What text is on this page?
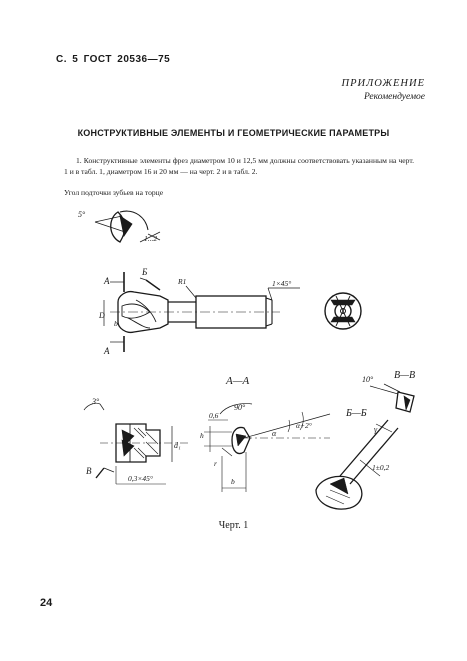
С. 5 ГОСТ 20536—75
ПРИЛОЖЕНИЕ
Рекомендуемое
КОНСТРУКТИВНЫЕ ЭЛЕМЕНТЫ И ГЕОМЕТРИЧЕСКИЕ ПАРАМЕТРЫ

1. Конструктивные элементы фрез диаметром 10 и 12,5 мм должны соответствовать указанным на черт. 1 и в табл. 1, диаметром 16 и 20 мм — на черт. 2 и в табл. 2.

Угол подточки зубьев на торце
5°
1...2
А
А
Б
R1	1×45°
D
b
А—А	10° В—В
3°
d₁
В
0,3×45°
0,6
90°
h	α
α+2°
r
b
Б—Б
γ
1±0,2
Черт. 1
24
